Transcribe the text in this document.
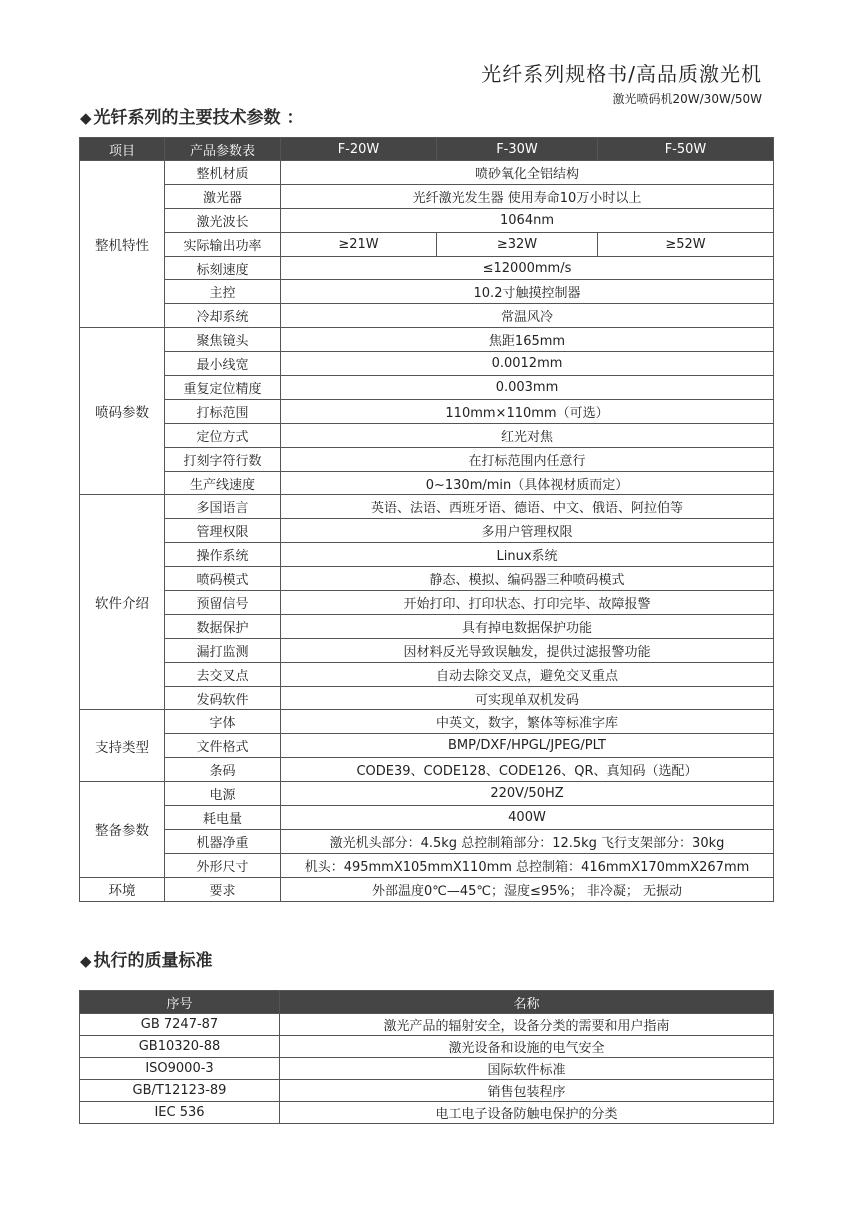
光纤系列规格书/高品质激光机
激光喷码机20W/30W/50W
◆ 光钎系列的主要技术参数 ：
项目	产品参数表	F-20W	F-30W	F-50W
整机特性	整机材质	喷砂氧化全铝结构		
	激光器	光纤激光发生器 使用寿命10万小时以上		
	激光波长	1064nm		
	实际输出功率	≥21W	≥32W	≥52W
	标刻速度	≤12000mm/s		
	主控	10.2寸触摸控制器		
	冷却系统	常温风冷		
喷码参数	聚焦镜头	焦距165mm		
	最小线宽	0.0012mm		
	重复定位精度	0.003mm		
	打标范围	110mm×110mm（可选）		
	定位方式	红光对焦		
	打刻字符行数	在打标范围内任意行		
	生产线速度	0~130m/min（具体视材质而定）		
软件介绍	多国语言	英语、法语、西班牙语、德语、中文、俄语、阿拉伯等		
	管理权限	多用户管理权限		
	操作系统	Linux系统		
	喷码模式	静态、模拟、编码器三种喷码模式		
	预留信号	开始打印、打印状态、打印完毕、故障报警		
	数据保护	具有掉电数据保护功能		
	漏打监测	因材料反光导致误触发，提供过滤报警功能		
	去交叉点	自动去除交叉点，避免交叉重点		
	发码软件	可实现单双机发码		
支持类型	字体	中英文，数字，繁体等标准字库		
	文件格式	BMP/DXF/HPGL/JPEG/PLT		
	条码	CODE39、CODE128、CODE126、QR、真知码（选配）		
整备参数	电源	220V/50HZ		
	耗电量	400W		
	机器净重	激光机头部分：4.5kg 总控制箱部分：12.5kg 飞行支架部分：30kg		
	外形尺寸	机头：495mmX105mmX110mm 总控制箱：416mmX170mmX267mm		
环境	要求	外部温度0℃—45℃；湿度≤95%； 非冷凝； 无振动		
◆ 执行的质量标准
序号	名称
GB 7247-87	激光产品的辐射安全，设备分类的需要和用户指南
GB10320-88	激光设备和设施的电气安全
ISO9000-3	国际软件标准
GB/T12123-89	销售包装程序
IEC 536	电工电子设备防触电保护的分类
